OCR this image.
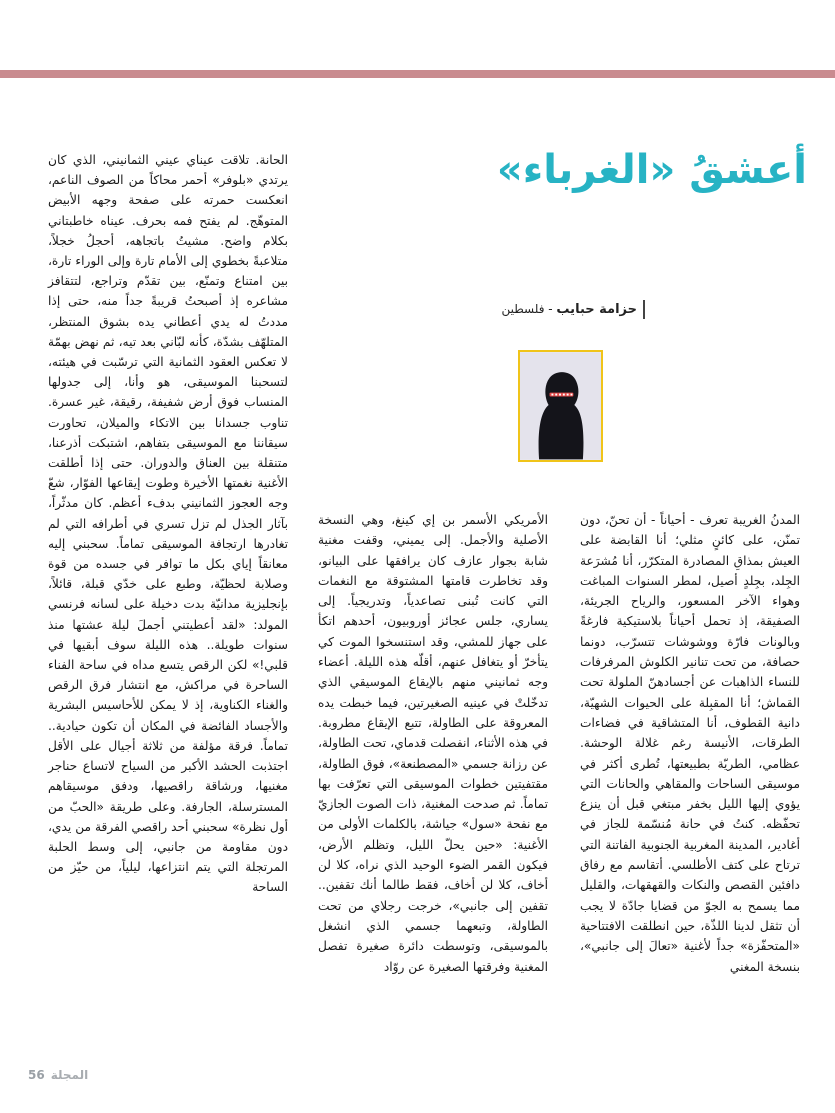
أعشقُ «الغرباء»
حزامة حبايب - فلسطين

المدنُ الغريبة تعرف - أحياناً - أن تحنّ، دون تمنّن، على كائنٍ مثلي؛ أنا القابضة على العيش بمذاقِ المصادرة المتكرّر، أنا مُشرَعة الجِلد، بجِلدٍ أصيل، لمطر السنوات المباغت وهواء الآخر المسعور، والرياح الجريئة، الصفيقة، إذ تحمل أحياناً بلاستيكية فارغةً وبالونات فارّة ووشوشات تتسرّب، دونما حصافة، من تحت تنانير الكلوش المرفرفات للنساء الذاهبات عن أجسادهنّ الملولة تحت القماش؛ أنا المقبِلة على الحيوات الشهيّة، دانية القطوف، أنا المتشاقية في فضاءات الطرقات، الأنيسة رغم غلالة الوحشة. عظامي، الطريّة بطبيعتها، تُطرى أكثر في موسيقى الساحات والمقاهي والحانات التي يؤوي إليها الليل بخفر مبتغي قبل أن ينزع تحفّظه. كنتُ في حانة مُنسّمة للجاز في أغادير، المدينة المغربية الجنوبية الفاتنة التي ترتاح على كتف الأطلسي. أتقاسم مع رفاق دافئين القصص والنكات والقهقهات، والقليل مما يسمح به الجوّ من قضايا جادّة لا يجب أن تثقل لدينا اللذّة، حين انطلقت الافتتاحية «المتحفّزة» جداً لأغنية «تعالَ إلى جانبي»، بنسخة المغني

الأمريكي الأسمر بن إي كينغ، وهي النسخة الأصلية والأجمل. إلى يميني، وقفت مغنية شابة بجوار عازف كان يرافقها على البيانو، وقد تخاطرت قامتها المشتوقة مع النغمات التي كانت تُبنى تصاعدياً، وتدريجياً. إلى يساري، جلس عجائز أوروبيون، أحدهم اتكأ على جهاز للمشي، وقد استنسخوا الموت كي يتأخرّ أو يتغافل عنهم، أقلّه هذه الليلة. أعضاء وجه ثمانيني منهم بالإيقاع الموسيقي الذي تدخّلتْ في عينيه الصغيرتين، فيما خبطت يده المعروقة على الطاولة، تتبع الإيقاع مطروبة. في هذه الأثناء، انفصلت قدماي، تحت الطاولة، عن رزانة جسمي «المصطنعة»، فوق الطاولة، مقتفيتين خطوات الموسيقى التي تعرّفت بها تماماً. ثم صدحت المغنية، ذات الصوت الجازيّ مع نفحة «سول» جياشة، بالكلمات الأولى من الأغنية: «حين يحلّ الليل، وتظلم الأرض، فيكون القمر الضوء الوحيد الذي نراه، كلا لن أخاف، كلا لن أخاف، فقط طالما أنك تقفين.. تقفين إلى جانبي»، خرجت رجلاي من تحت الطاولة، وتبعهما جسمي الذي انشغل بالموسيقى، وتوسطت دائرة صغيرة تفصل المغنية وفرقتها الصغيرة عن روّاد

الحانة. تلاقت عيناي عيني الثمانيني، الذي كان يرتدي «بلوفر» أحمر محاكاً من الصوف الناعم، انعكست حمرته على صفحة وجهه الأبيض المتوهّج. لم يفتح فمه بحرف. عيناه خاطبتاني بكلام واضح. مشيتُ باتجاهه، أحجلُ خجلاً، متلاعبةً بخطوي إلى الأمام تارة وإلى الوراء تارة، بين امتناع وتمنّع، بين تقدّم وتراجع، لتتقافز مشاعره إذ أصبحتُ قريبةً جداً منه، حتى إذا مددتُ له يدي أعطاني يده بشوق المنتظر، المتلهّف بشدّة، كأنه لبّاني بعد تيه، ثم نهض بهمّة لا تعكس العقود الثمانية التي ترسّبت في هيئته، لتسحبنا الموسيقى، هو وأنا، إلى جدولها المنساب فوق أرض شفيفة، رقيقة، غير عسرة. تناوب جسدانا بين الاتكاء والميلان، تحاورت سيقاننا مع الموسيقى بتفاهم، اشتبكت أذرعنا، متنقلة بين العناق والدوران. حتى إذا أطلقت الأغنية نغمتها الأخيرة وطوت إيقاعها الفوّار، شعّ وجه العجوز الثمانيني بدفء أعظم. كان مدثّراً، بآثار الجذل لم تزل تسري في أطرافه التي لم تغادرها ارتجافة الموسيقى تماماً. سحبني إليه معانقاً إياي بكل ما توافر في جسده من قوة وصلابة لحظيّة، وطبع على خدّي قبلة، قائلاً، بإنجليزية مدانيّة بدت دخيلة على لسانه فرنسي المولد: «لقد أعطيتني أجملَ ليلة عشتها منذ سنوات طويلة.. هذه الليلة سوف أبقيها في قلبي!» لكن الرقص يتسع مداه في ساحة الفناء الساحرة في مراكش، مع انتشار فرق الرقص والغناء الكناوية، إذ لا يمكن للأحاسيس البشرية والأجساد الفائضة في المكان أن تكون حيادية.. تماماً. فرقة مؤلفة من ثلاثة أجيال على الأقل اجتذبت الحشد الأكبر من السياح لاتساع حناجر مغنيها، ورشاقة راقصيها، ودفق موسيقاهم المسترسلة، الجارفة. وعلى طريقة «الحبّ من أول نظرة» سحبني أحد راقصي الفرقة من يدي، دون مقاومة من جانبي، إلى وسط الحلبة المرتجلة التي يتم انتزاعها، ليلياً، من حيّز من الساحة

المجلة56
